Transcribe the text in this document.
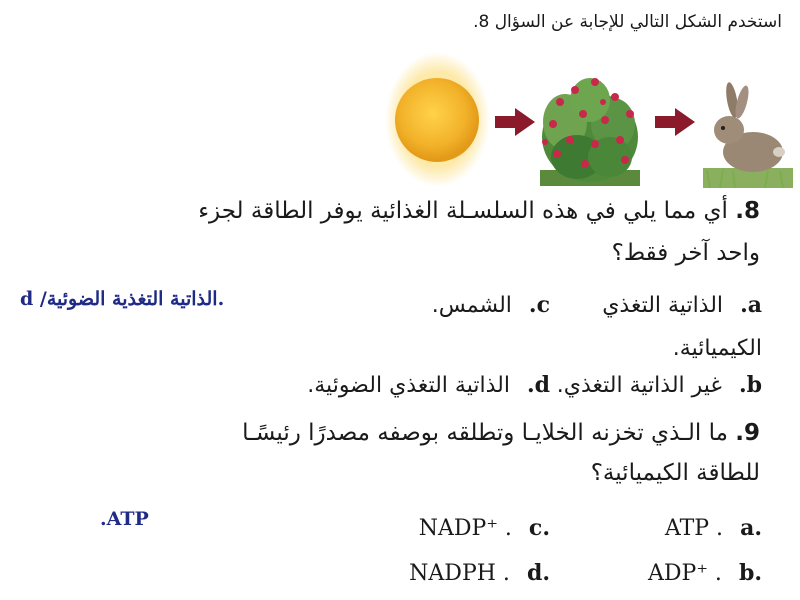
استخدم الشكل التالي للإجابة عن السؤال 8.
8. أي مما يلي في هذه السلسـلة الغذائية يوفر الطاقة لجزء
واحد آخر فقط؟
a. الذاتية التغذي
الكيميائية.
c. الشمس.
b. غير الذاتية التغذي.
d. الذاتية التغذي الضوئية.
d /الذاتية التغذية الضوئية.
9. ما الـذي تخزنه الخلايـا وتطلقه بوصفه مصدرًا رئيسًـا
للطاقة الكيميائية؟
.a ATP .
.c NADP⁺ .
.b ADP⁺ .
.d NADPH .
.ATP
